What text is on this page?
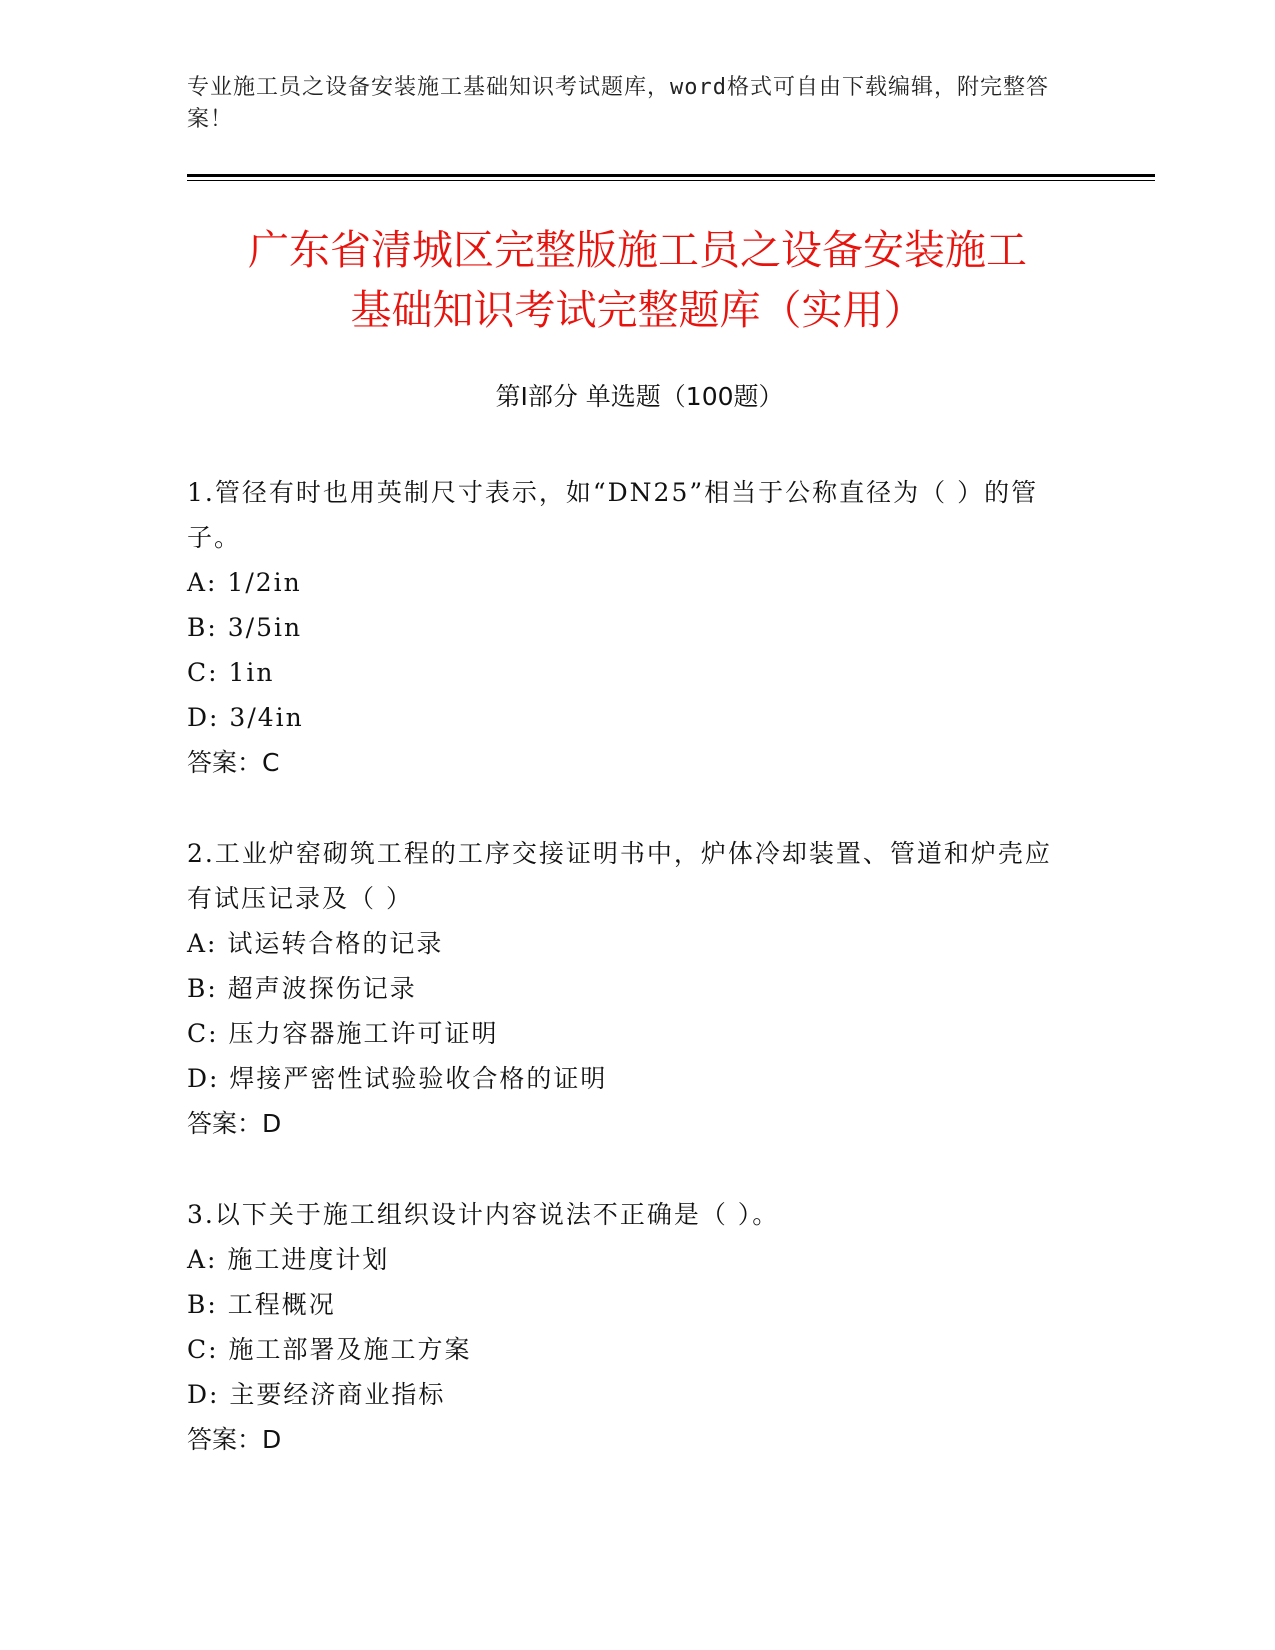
专业施工员之设备安装施工基础知识考试题库，word格式可自由下载编辑，附完整答案！
广东省清城区完整版施工员之设备安装施工
基础知识考试完整题库（实用）
第Ⅰ部分 单选题（100题）

1.管径有时也用英制尺寸表示，如“DN25”相当于公称直径为（ ）的管子。

A: 1/2in

B: 3/5in

C: 1in

D: 3/4in

答案：C

2.工业炉窑砌筑工程的工序交接证明书中，炉体冷却装置、管道和炉壳应有试压记录及（ ）

A: 试运转合格的记录

B: 超声波探伤记录

C: 压力容器施工许可证明

D: 焊接严密性试验验收合格的证明

答案：D

3.以下关于施工组织设计内容说法不正确是（ ）。

A: 施工进度计划

B: 工程概况

C: 施工部署及施工方案

D: 主要经济商业指标

答案：D
